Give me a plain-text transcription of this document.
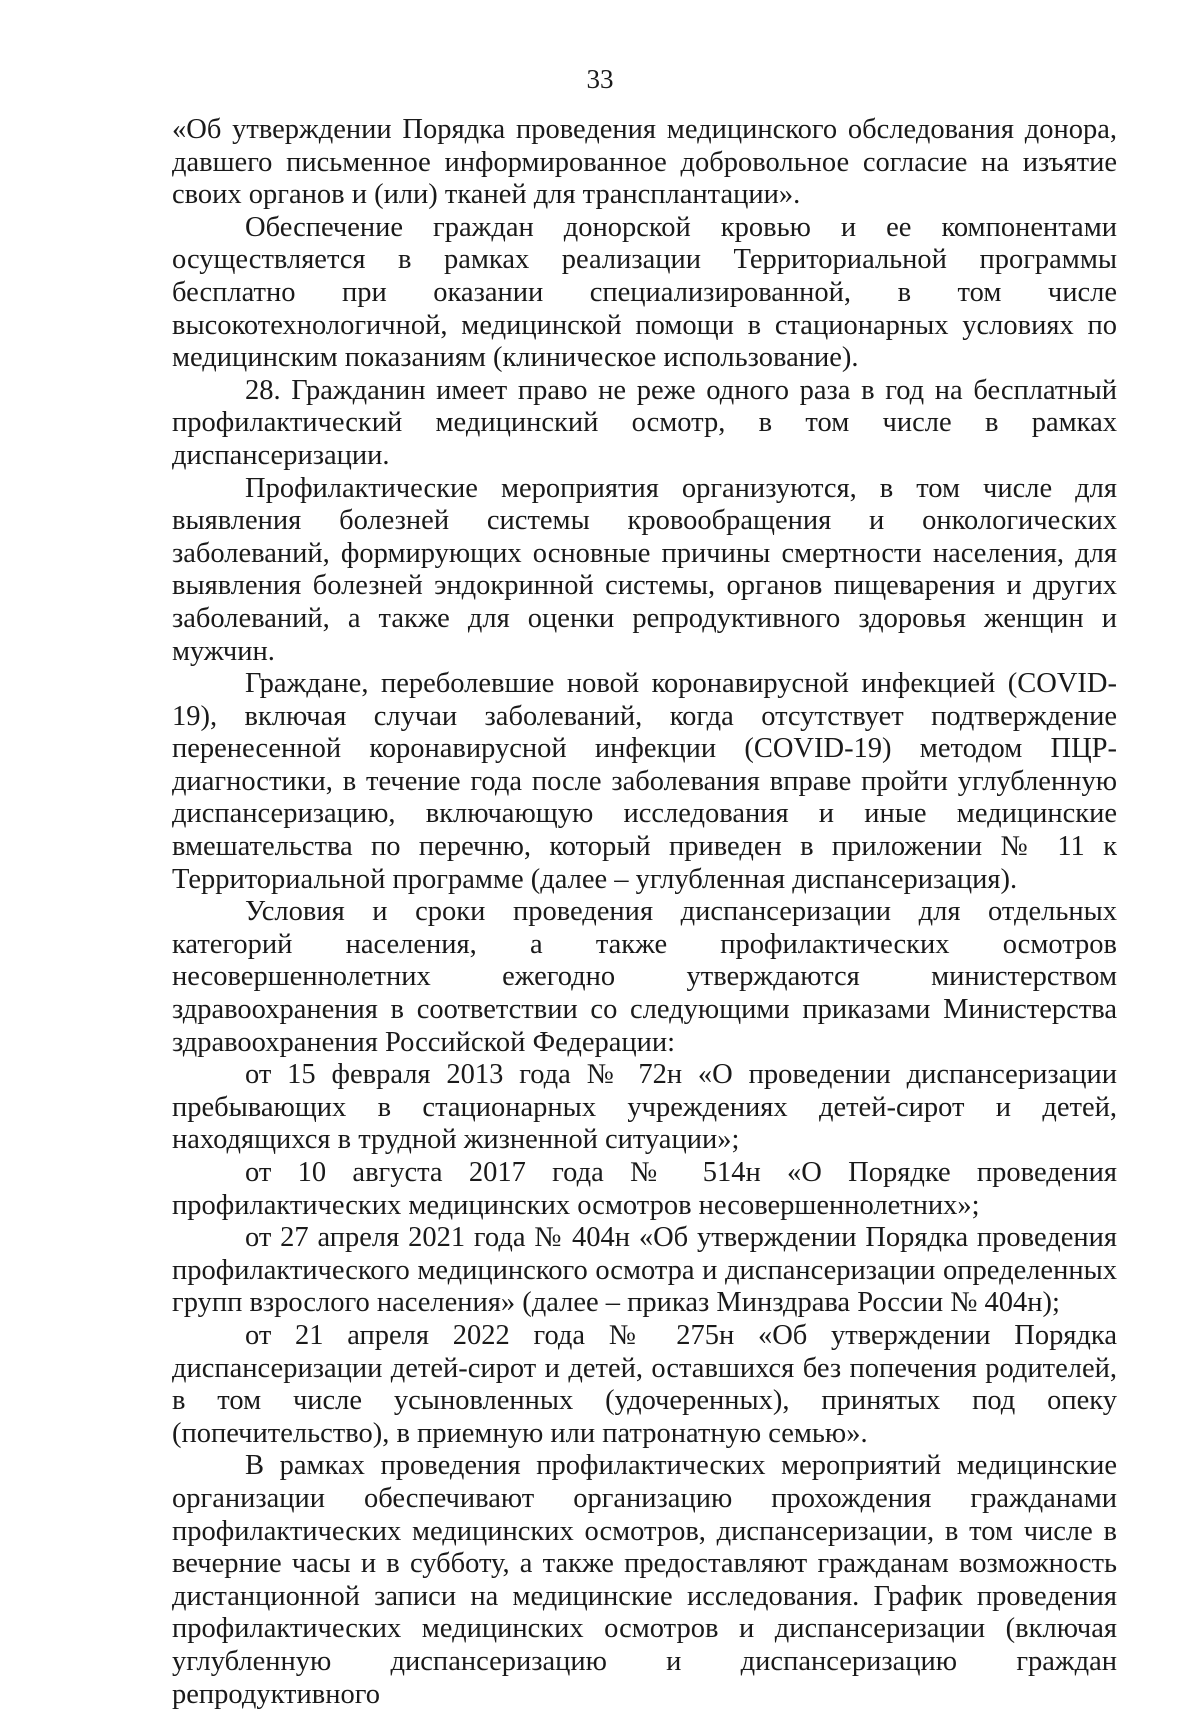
33

«Об утверждении Порядка проведения медицинского обследования донора, давшего письменное информированное добровольное согласие на изъятие своих органов и (или) тканей для трансплантации».

Обеспечение граждан донорской кровью и ее компонентами осуществляется в рамках реализации Территориальной программы бесплатно при оказании специализированной, в том числе высокотехнологичной, медицинской помощи в стационарных условиях по медицинским показаниям (клиническое использование).

28. Гражданин имеет право не реже одного раза в год на бесплатный профилактический медицинский осмотр, в том числе в рамках диспансеризации.

Профилактические мероприятия организуются, в том числе для выявления болезней системы кровообращения и онкологических заболеваний, формирующих основные причины смертности населения, для выявления болезней эндокринной системы, органов пищеварения и других заболеваний, а также для оценки репродуктивного здоровья женщин и мужчин.

Граждане, переболевшие новой коронавирусной инфекцией (COVID-19), включая случаи заболеваний, когда отсутствует подтверждение перенесенной коронавирусной инфекции (COVID-19) методом ПЦР-диагностики, в течение года после заболевания вправе пройти углубленную диспансеризацию, включающую исследования и иные медицинские вмешательства по перечню, который приведен в приложении № 11 к Территориальной программе (далее – углубленная диспансеризация).

Условия и сроки проведения диспансеризации для отдельных категорий населения, а также профилактических осмотров несовершеннолетних ежегодно утверждаются министерством здравоохранения в соответствии со следующими приказами Министерства здравоохранения Российской Федерации:

от 15 февраля 2013 года № 72н «О проведении диспансеризации пребывающих в стационарных учреждениях детей-сирот и детей, находящихся в трудной жизненной ситуации»;

от 10 августа 2017 года № 514н «О Порядке проведения профилактических медицинских осмотров несовершеннолетних»;

от 27 апреля 2021 года № 404н «Об утверждении Порядка проведения профилактического медицинского осмотра и диспансеризации определенных групп взрослого населения» (далее – приказ Минздрава России № 404н);

от 21 апреля 2022 года № 275н «Об утверждении Порядка диспансеризации детей-сирот и детей, оставшихся без попечения родителей, в том числе усыновленных (удочеренных), принятых под опеку (попечительство), в приемную или патронатную семью».

В рамках проведения профилактических мероприятий медицинские организации обеспечивают организацию прохождения гражданами профилактических медицинских осмотров, диспансеризации, в том числе в вечерние часы и в субботу, а также предоставляют гражданам возможность дистанционной записи на медицинские исследования. График проведения профилактических медицинских осмотров и диспансеризации (включая углубленную диспансеризацию и диспансеризацию граждан репродуктивного
